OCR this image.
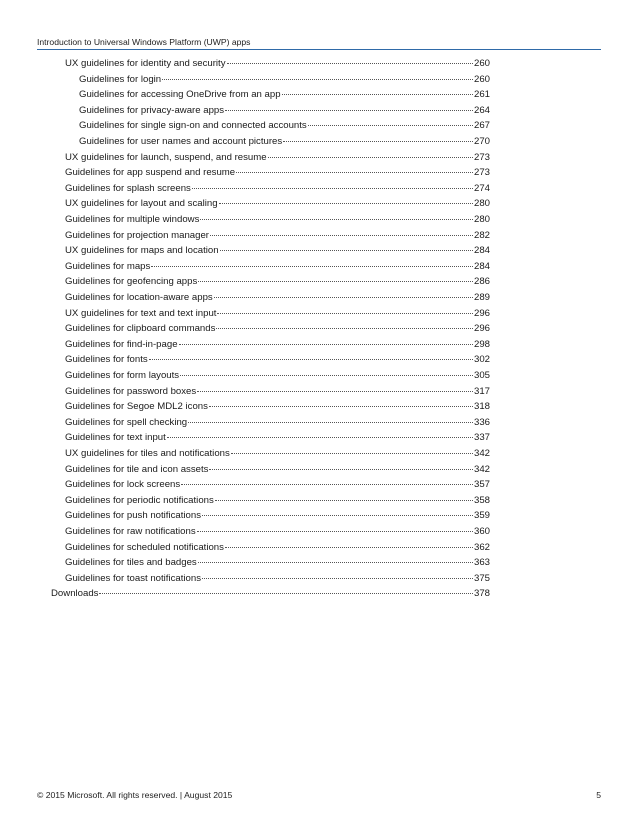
Introduction to Universal Windows Platform (UWP) apps
UX guidelines for identity and security	260
Guidelines for login	260
Guidelines for accessing OneDrive from an app	261
Guidelines for privacy-aware apps	264
Guidelines for single sign-on and connected accounts	267
Guidelines for user names and account pictures	270
UX guidelines for launch, suspend, and resume	273
Guidelines for app suspend and resume	273
Guidelines for splash screens	274
UX guidelines for layout and scaling	280
Guidelines for multiple windows	280
Guidelines for projection manager	282
UX guidelines for maps and location	284
Guidelines for maps	284
Guidelines for geofencing apps	286
Guidelines for location-aware apps	289
UX guidelines for text and text input	296
Guidelines for clipboard commands	296
Guidelines for find-in-page	298
Guidelines for fonts	302
Guidelines for form layouts	305
Guidelines for password boxes	317
Guidelines for Segoe MDL2 icons	318
Guidelines for spell checking	336
Guidelines for text input	337
UX guidelines for tiles and notifications	342
Guidelines for tile and icon assets	342
Guidelines for lock screens	357
Guidelines for periodic notifications	358
Guidelines for push notifications	359
Guidelines for raw notifications	360
Guidelines for scheduled notifications	362
Guidelines for tiles and badges	363
Guidelines for toast notifications	375
Downloads	378
© 2015 Microsoft. All rights reserved. | August 2015	5
